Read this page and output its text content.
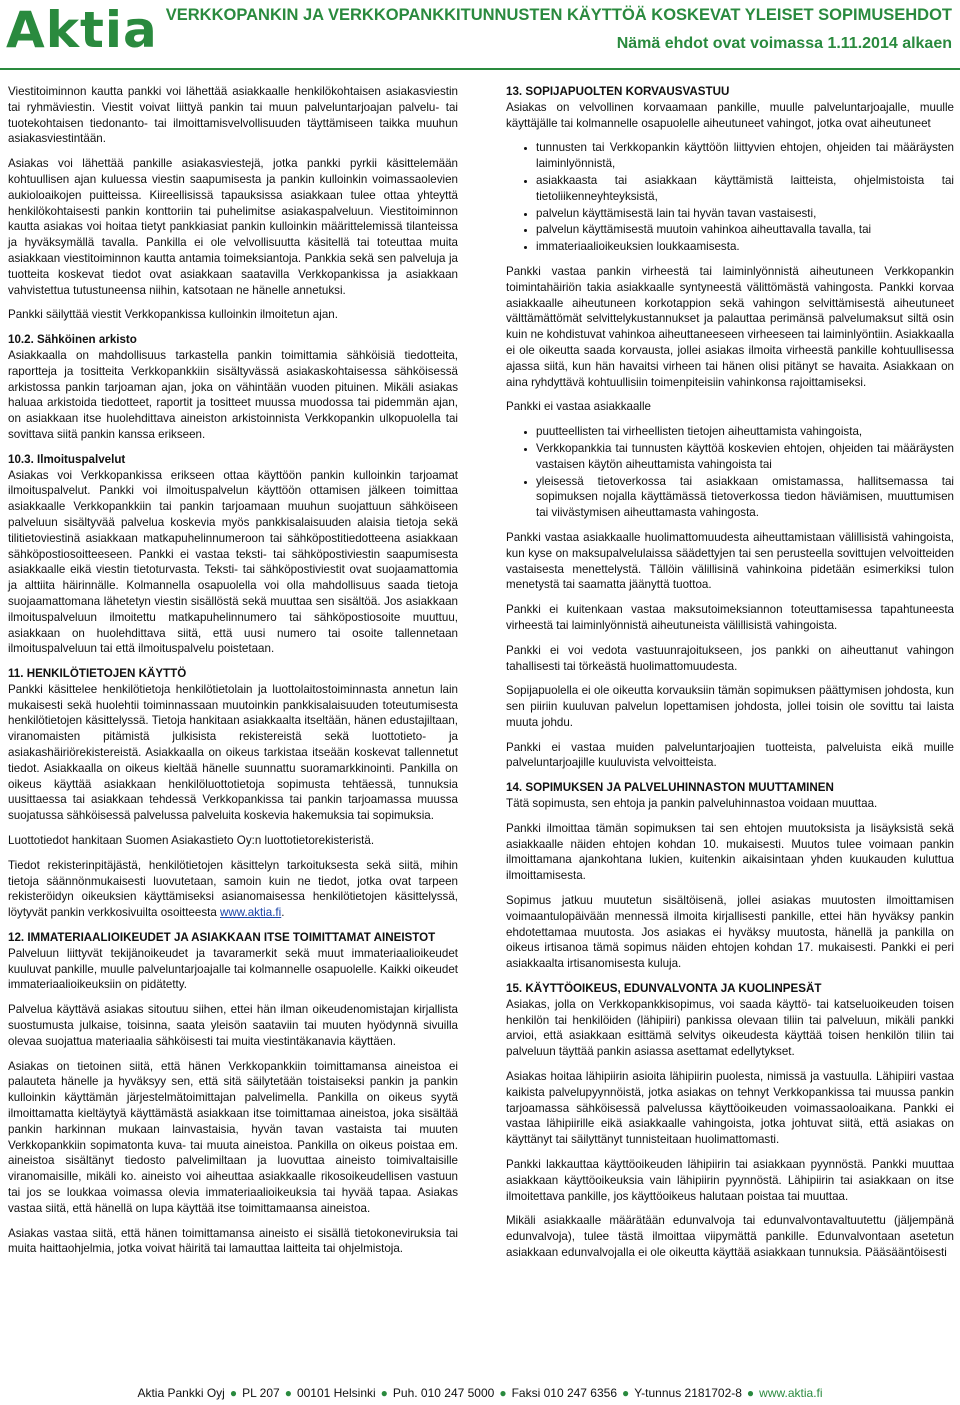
Aktia VERKKOPANKIN JA VERKKOPANKKITUNNUSTEN KÄYTTÖÄ KOSKEVAT YLEISET SOPIMUSEHDOT
Nämä ehdot ovat voimassa 1.11.2014 alkaen

Viestitoiminnon kautta pankki voi lähettää asiakkaalle henkilökohtaisen asiakasviestin tai ryhmäviestin. Viestit voivat liittyä pankin tai muun palveluntarjoajan palvelu- tai tuotekohtaisen tiedonanto- tai ilmoittamisvelvollisuuden täyttämiseen taikka muuhun asiakasviestintään.

Asiakas voi lähettää pankille asiakasviestejä, jotka pankki pyrkii käsittelemään kohtuullisen ajan kuluessa viestin saapumisesta ja pankin kulloinkin voimassaolevien aukioloaikojen puitteissa. Kiireellisissä tapauksissa asiakkaan tulee ottaa yhteyttä henkilökohtaisesti pankin konttoriin tai puhelimitse asiakaspalveluun. Viestitoiminnon kautta asiakas voi hoitaa tietyt pankkiasiat pankin kulloinkin määrittelemissä tilanteissa ja hyväksymällä tavalla. Pankilla ei ole velvollisuutta käsitellä tai toteuttaa muita asiakkaan viestitoiminnon kautta antamia toimeksiantoja. Pankkia sekä sen palveluja ja tuotteita koskevat tiedot ovat asiakkaan saatavilla Verkkopankissa ja asiakkaan vahvistettua tutustuneensa niihin, katsotaan ne hänelle annetuksi.

Pankki säilyttää viestit Verkkopankissa kulloinkin ilmoitetun ajan.

10.2. Sähköinen arkisto

Asiakkaalla on mahdollisuus tarkastella pankin toimittamia sähköisiä tiedotteita, raportteja ja tositteita Verkkopankkiin sisältyvässä asiakaskohtaisessa sähköisessä arkistossa pankin tarjoaman ajan, joka on vähintään vuoden pituinen. Mikäli asiakas haluaa arkistoida tiedotteet, raportit ja tositteet muussa muodossa tai pidemmän ajan, on asiakkaan itse huolehdittava aineiston arkistoinnista Verkkopankin ulkopuolella tai sovittava siitä pankin kanssa erikseen.

10.3. Ilmoituspalvelut

Asiakas voi Verkkopankissa erikseen ottaa käyttöön pankin kulloinkin tarjoamat ilmoituspalvelut. Pankki voi ilmoituspalvelun käyttöön ottamisen jälkeen toimittaa asiakkaalle Verkkopankkiin tai pankin tarjoamaan muuhun suojattuun sähköiseen palveluun sisältyvää palvelua koskevia myös pankkisalaisuuden alaisia tietoja sekä tilitietoviestinä asiakkaan matkapuhelinnumeroon tai sähköpostitiedotteena asiakkaan sähköpostiosoitteeseen. Pankki ei vastaa teksti- tai sähköpostiviestin saapumisesta asiakkaalle eikä viestin tietoturvasta. Teksti- tai sähköpostiviestit ovat suojaamattomia ja alttiita häirinnälle. Kolmannella osapuolella voi olla mahdollisuus saada tietoja suojaamattomana lähetetyn viestin sisällöstä sekä muuttaa sen sisältöä. Jos asiakkaan ilmoituspalveluun ilmoitettu matkapuhelinnumero tai sähköpostiosoite muuttuu, asiakkaan on huolehdittava siitä, että uusi numero tai osoite tallennetaan ilmoituspalveluun tai että ilmoituspalvelu poistetaan.

11. HENKILÖTIETOJEN KÄYTTÖ

Pankki käsittelee henkilötietoja henkilötietolain ja luottolaitostoiminnasta annetun lain mukaisesti sekä huolehtii toiminnassaan muutoinkin pankkisalaisuuden toteutumisesta henkilötietojen käsittelyssä. Tietoja hankitaan asiakkaalta itseltään, hänen edustajiltaan, viranomaisten pitämistä julkisista rekistereistä sekä luottotieto- ja asiakashäiriörekistereistä. Asiakkaalla on oikeus tarkistaa itseään koskevat tallennetut tiedot. Asiakkaalla on oikeus kieltää hänelle suunnattu suoramarkkinointi. Pankilla on oikeus käyttää asiakkaan henkilöluottotietoja sopimusta tehtäessä, tunnuksia uusittaessa tai asiakkaan tehdessä Verkkopankissa tai pankin tarjoamassa muussa suojatussa sähköisessä palvelussa palveluita koskevia hakemuksia tai sopimuksia.

Luottotiedot hankitaan Suomen Asiakastieto Oy:n luottotietorekisteristä.

Tiedot rekisterinpitäjästä, henkilötietojen käsittelyn tarkoituksesta sekä siitä, mihin tietoja säännönmukaisesti luovutetaan, samoin kuin ne tiedot, jotka ovat tarpeen rekisteröidyn oikeuksien käyttämiseksi asianomaisessa henkilötietojen käsittelyssä, löytyvät pankin verkkosivuilta osoitteesta www.aktia.fi.

12. IMMATERIAALIOIKEUDET JA ASIAKKAAN ITSE TOIMITTAMAT AINEISTOT

Palveluun liittyvät tekijänoikeudet ja tavaramerkit sekä muut immateriaalioikeudet kuuluvat pankille, muulle palveluntarjoajalle tai kolmannelle osapuolelle. Kaikki oikeudet immateriaalioikeuksiin on pidätetty.

Palvelua käyttävä asiakas sitoutuu siihen, ettei hän ilman oikeudenomistajan kirjallista suostumusta julkaise, toisinna, saata yleisön saataviin tai muuten hyödynnä sivuilla olevaa suojattua materiaalia sähköisesti tai muita viestintäkanavia käyttäen.

Asiakas on tietoinen siitä, että hänen Verkkopankkiin toimittamansa aineistoa ei palauteta hänelle ja hyväksyy sen, että sitä säilytetään toistaiseksi pankin ja pankin kulloinkin käyttämän järjestelmätoimittajan palvelimella. Pankilla on oikeus syytä ilmoittamatta kieltäytyä käyttämästä asiakkaan itse toimittamaa aineistoa, joka sisältää pankin harkinnan mukaan lainvastaisia, hyvän tavan vastaista tai muuten Verkkopankkiin sopimatonta kuva- tai muuta aineistoa. Pankilla on oikeus poistaa em. aineistoa sisältänyt tiedosto palvelimiltaan ja luovuttaa aineisto toimivaltaisille viranomaisille, mikäli ko. aineisto voi aiheuttaa asiakkaalle rikosoikeudellisen vastuun tai jos se loukkaa voimassa olevia immateriaalioikeuksia tai hyvää tapaa. Asiakas vastaa siitä, että hänellä on lupa käyttää itse toimittamaansa aineistoa.

Asiakas vastaa siitä, että hänen toimittamansa aineisto ei sisällä tietokoneviruksia tai muita haittaohjelmia, jotka voivat häiritä tai lamauttaa laitteita tai ohjelmistoja.

13. SOPIJAPUOLTEN KORVAUSVASTUU

Asiakas on velvollinen korvaamaan pankille, muulle palveluntarjoajalle, muulle käyttäjälle tai kolmannelle osapuolelle aiheutuneet vahingot, jotka ovat aiheutuneet

• tunnusten tai Verkkopankin käyttöön liittyvien ehtojen, ohjeiden tai määräysten laiminlyönnistä,
• asiakkaasta tai asiakkaan käyttämistä laitteista, ohjelmistoista tai tietoliikenneyhteyksistä,
• palvelun käyttämisestä lain tai hyvän tavan vastaisesti,
• palvelun käyttämisestä muutoin vahinkoa aiheuttavalla tavalla, tai
• immateriaalioikeuksien loukkaamisesta.

Pankki vastaa pankin virheestä tai laiminlyönnistä aiheutuneen Verkkopankin toimintahäiriön takia asiakkaalle syntyneestä välittömästä vahingosta. Pankki korvaa asiakkaalle aiheutuneen korkotappion sekä vahingon selvittämisestä aiheutuneet välttämättömät selvittelykustannukset ja palauttaa perimänsä palvelumaksut siltä osin kuin ne kohdistuvat vahinkoa aiheuttaneeseen virheeseen tai laiminlyöntiin. Asiakkaalla ei ole oikeutta saada korvausta, jollei asiakas ilmoita virheestä pankille kohtuullisessa ajassa siitä, kun hän havaitsi virheen tai hänen olisi pitänyt se havaita. Asiakkaan on aina ryhdyttävä kohtuullisiin toimenpiteisiin vahinkonsa rajoittamiseksi.

Pankki ei vastaa asiakkaalle

• puutteellisten tai virheellisten tietojen aiheuttamista vahingoista,
• Verkkopankkia tai tunnusten käyttöä koskevien ehtojen, ohjeiden tai määräysten vastaisen käytön aiheuttamista vahingoista tai
• yleisessä tietoverkossa tai asiakkaan omistamassa, hallitsemassa tai sopimuksen nojalla käyttämässä tietoverkossa tiedon häviämisen, muuttumisen tai viivästymisen aiheuttamasta vahingosta.

Pankki vastaa asiakkaalle huolimattomuudesta aiheuttamistaan välillisistä vahingoista, kun kyse on maksupalvelulaissa säädettyjen tai sen perusteella sovittujen velvoitteiden vastaisesta menettelystä. Tällöin välillisinä vahinkoina pidetään esimerkiksi tulon menetystä tai saamatta jäänyttä tuottoa.

Pankki ei kuitenkaan vastaa maksutoimeksiannon toteuttamisessa tapahtuneesta virheestä tai laiminlyönnistä aiheutuneista välillisistä vahingoista.

Pankki ei voi vedota vastuunrajoitukseen, jos pankki on aiheuttanut vahingon tahallisesti tai törkeästä huolimattomuudesta.

Sopijapuolella ei ole oikeutta korvauksiin tämän sopimuksen päättymisen johdosta, kun sen piiriin kuuluvan palvelun lopettamisen johdosta, jollei toisin ole sovittu tai laista muuta johdu.

Pankki ei vastaa muiden palveluntarjoajien tuotteista, palveluista eikä muille palveluntarjoajille kuuluvista velvoitteista.

14. SOPIMUKSEN JA PALVELUHINNASTON MUUTTAMINEN

Tätä sopimusta, sen ehtoja ja pankin palveluhinnastoa voidaan muuttaa.

Pankki ilmoittaa tämän sopimuksen tai sen ehtojen muutoksista ja lisäyksistä sekä asiakkaalle näiden ehtojen kohdan 10. mukaisesti. Muutos tulee voimaan pankin ilmoittamana ajankohtana lukien, kuitenkin aikaisintaan yhden kuukauden kuluttua ilmoittamisesta.

Sopimus jatkuu muutetun sisältöisenä, jollei asiakas muutosten ilmoittamisen voimaantulopäivään mennessä ilmoita kirjallisesti pankille, ettei hän hyväksy pankin ehdotettamaa muutosta. Jos asiakas ei hyväksy muutosta, hänellä ja pankilla on oikeus irtisanoa tämä sopimus näiden ehtojen kohdan 17. mukaisesti. Pankki ei peri asiakkaalta irtisanomisesta kuluja.

15. KÄYTTÖOIKEUS, EDUNVALVONTA JA KUOLINPESÄT

Asiakas, jolla on Verkkopankkisopimus, voi saada käyttö- tai katseluoikeuden toisen henkilön tai henkilöiden (lähipiiri) pankissa olevaan tiliin tai palveluun, mikäli pankki arvioi, että asiakkaan esittämä selvitys oikeudesta käyttää toisen henkilön tiliin tai palveluun täyttää pankin asiassa asettamat edellytykset.

Asiakas hoitaa lähipiirin asioita lähipiirin puolesta, nimissä ja vastuulla. Lähipiiri vastaa kaikista palvelupyynnöistä, jotka asiakas on tehnyt Verkkopankissa tai muussa pankin tarjoamassa sähköisessä palvelussa käyttöoikeuden voimassaoloaikana. Pankki ei vastaa lähipiirille eikä asiakkaalle vahingoista, jotka johtuvat siitä, että asiakas on käyttänyt tai säilyttänyt tunnisteitaan huolimattomasti.

Pankki lakkauttaa käyttöoikeuden lähipiirin tai asiakkaan pyynnöstä. Pankki muuttaa asiakkaan käyttöoikeuksia vain lähipiirin pyynnöstä. Lähipiirin tai asiakkaan on itse ilmoitettava pankille, jos käyttöoikeus halutaan poistaa tai muuttaa.

Mikäli asiakkaalle määrätään edunvalvoja tai edunvalvontavaltuutettu (jäljempänä edunvalvoja), tulee tästä ilmoittaa viipymättä pankille. Edunvalvontaan asetetun asiakkaan edunvalvojalla ei ole oikeutta käyttää asiakkaan tunnuksia. Pääsääntöisesti

Aktia Pankki Oyj ● PL 207 ● 00101 Helsinki ● Puh. 010 247 5000 ● Faksi 010 247 6356 ● Y-tunnus 2181702-8 ● www.aktia.fi
